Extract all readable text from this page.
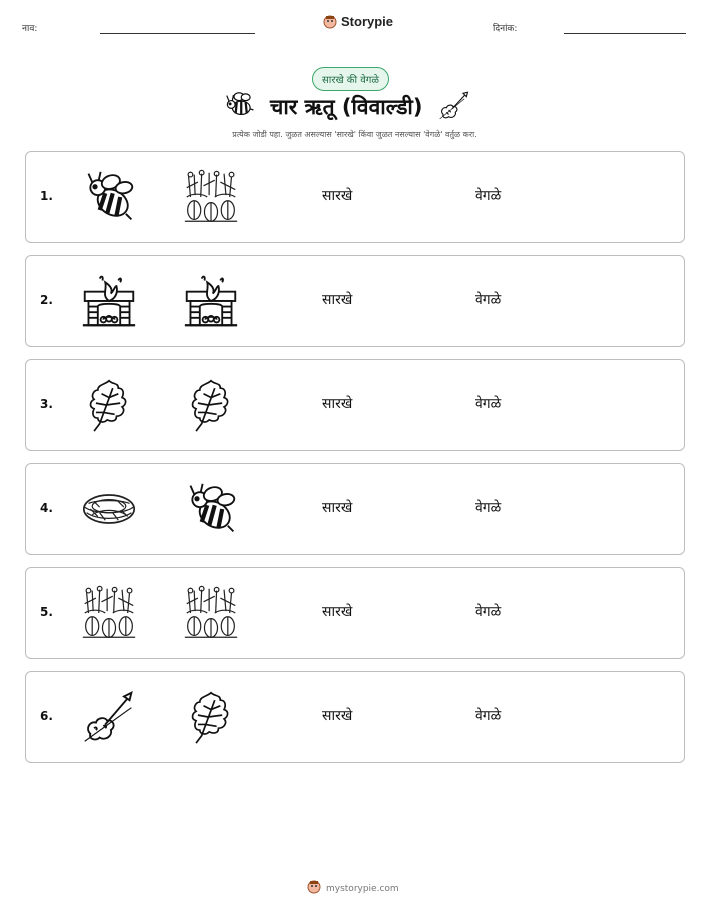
नाव:	Storypie	दिनांक:
सारखे की वेगळे
चार ऋतू (विवाल्डी)
प्रत्येक जोडी पहा. जुळत असल्यास 'सारखे' किंवा जुळत नसल्यास 'वेगळे' वर्तुळ करा.
1.	सारखे	वेगळे
2.	सारखे	वेगळे
3.	सारखे	वेगळे
4.	सारखे	वेगळे
5.	सारखे	वेगळे
6.	सारखे	वेगळे
mystorypie.com
